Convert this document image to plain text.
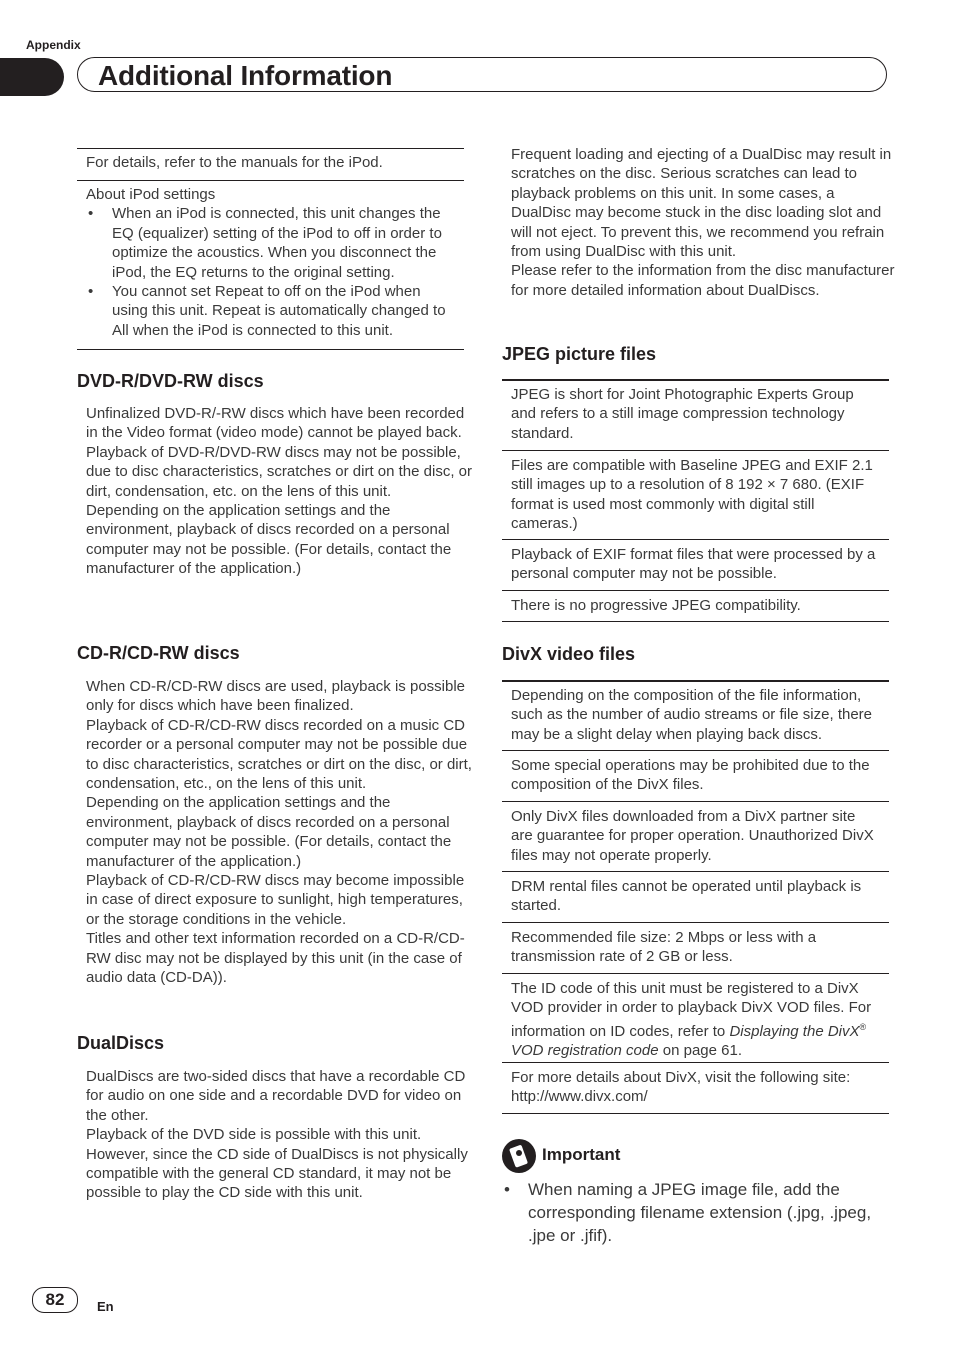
Appendix
Additional Information

For details, refer to the manuals for the iPod.

About iPod settings

• When an iPod is connected, this unit changes the EQ (equalizer) setting of the iPod to off in order to optimize the acoustics. When you disconnect the iPod, the EQ returns to the original setting.
• You cannot set Repeat to off on the iPod when using this unit. Repeat is automatically changed to All when the iPod is connected to this unit.
DVD-R/DVD-RW discs

Unfinalized DVD-R/-RW discs which have been recorded in the Video format (video mode) cannot be played back.

Playback of DVD-R/DVD-RW discs may not be possible, due to disc characteristics, scratches or dirt on the disc, or dirt, condensation, etc. on the lens of this unit.

Depending on the application settings and the environment, playback of discs recorded on a personal computer may not be possible. (For details, contact the manufacturer of the application.)

CD-R/CD-RW discs

When CD-R/CD-RW discs are used, playback is possible only for discs which have been finalized.

Playback of CD-R/CD-RW discs recorded on a music CD recorder or a personal computer may not be possible due to disc characteristics, scratches or dirt on the disc, or dirt, condensation, etc., on the lens of this unit.

Depending on the application settings and the environment, playback of discs recorded on a personal computer may not be possible. (For details, contact the manufacturer of the application.)

Playback of CD-R/CD-RW discs may become impossible in case of direct exposure to sunlight, high temperatures, or the storage conditions in the vehicle.

Titles and other text information recorded on a CD-R/CD-RW disc may not be displayed by this unit (in the case of audio data (CD-DA)).

DualDiscs

DualDiscs are two-sided discs that have a recordable CD for audio on one side and a recordable DVD for video on the other.

Playback of the DVD side is possible with this unit. However, since the CD side of DualDiscs is not physically compatible with the general CD standard, it may not be possible to play the CD side with this unit.

Frequent loading and ejecting of a DualDisc may result in scratches on the disc. Serious scratches can lead to playback problems on this unit. In some cases, a DualDisc may become stuck in the disc loading slot and will not eject. To prevent this, we recommend you refrain from using DualDisc with this unit.

Please refer to the information from the disc manufacturer for more detailed information about DualDiscs.

JPEG picture files

JPEG is short for Joint Photographic Experts Group and refers to a still image compression technology standard.

Files are compatible with Baseline JPEG and EXIF 2.1 still images up to a resolution of 8 192 × 7 680. (EXIF format is used most commonly with digital still cameras.)

Playback of EXIF format files that were processed by a personal computer may not be possible.

There is no progressive JPEG compatibility.

DivX video files

Depending on the composition of the file information, such as the number of audio streams or file size, there may be a slight delay when playing back discs.

Some special operations may be prohibited due to the composition of the DivX files.

Only DivX files downloaded from a DivX partner site are guarantee for proper operation. Unauthorized DivX files may not operate properly.

DRM rental files cannot be operated until playback is started.

Recommended file size: 2 Mbps or less with a transmission rate of 2 GB or less.

The ID code of this unit must be registered to a DivX VOD provider in order to playback DivX VOD files. For information on ID codes, refer to Displaying the DivX® VOD registration code on page 61.

For more details about DivX, visit the following site: http://www.divx.com/

Important
• When naming a JPEG image file, add the corresponding filename extension (.jpg, .jpeg, .jpe or .jfif).
82	En
